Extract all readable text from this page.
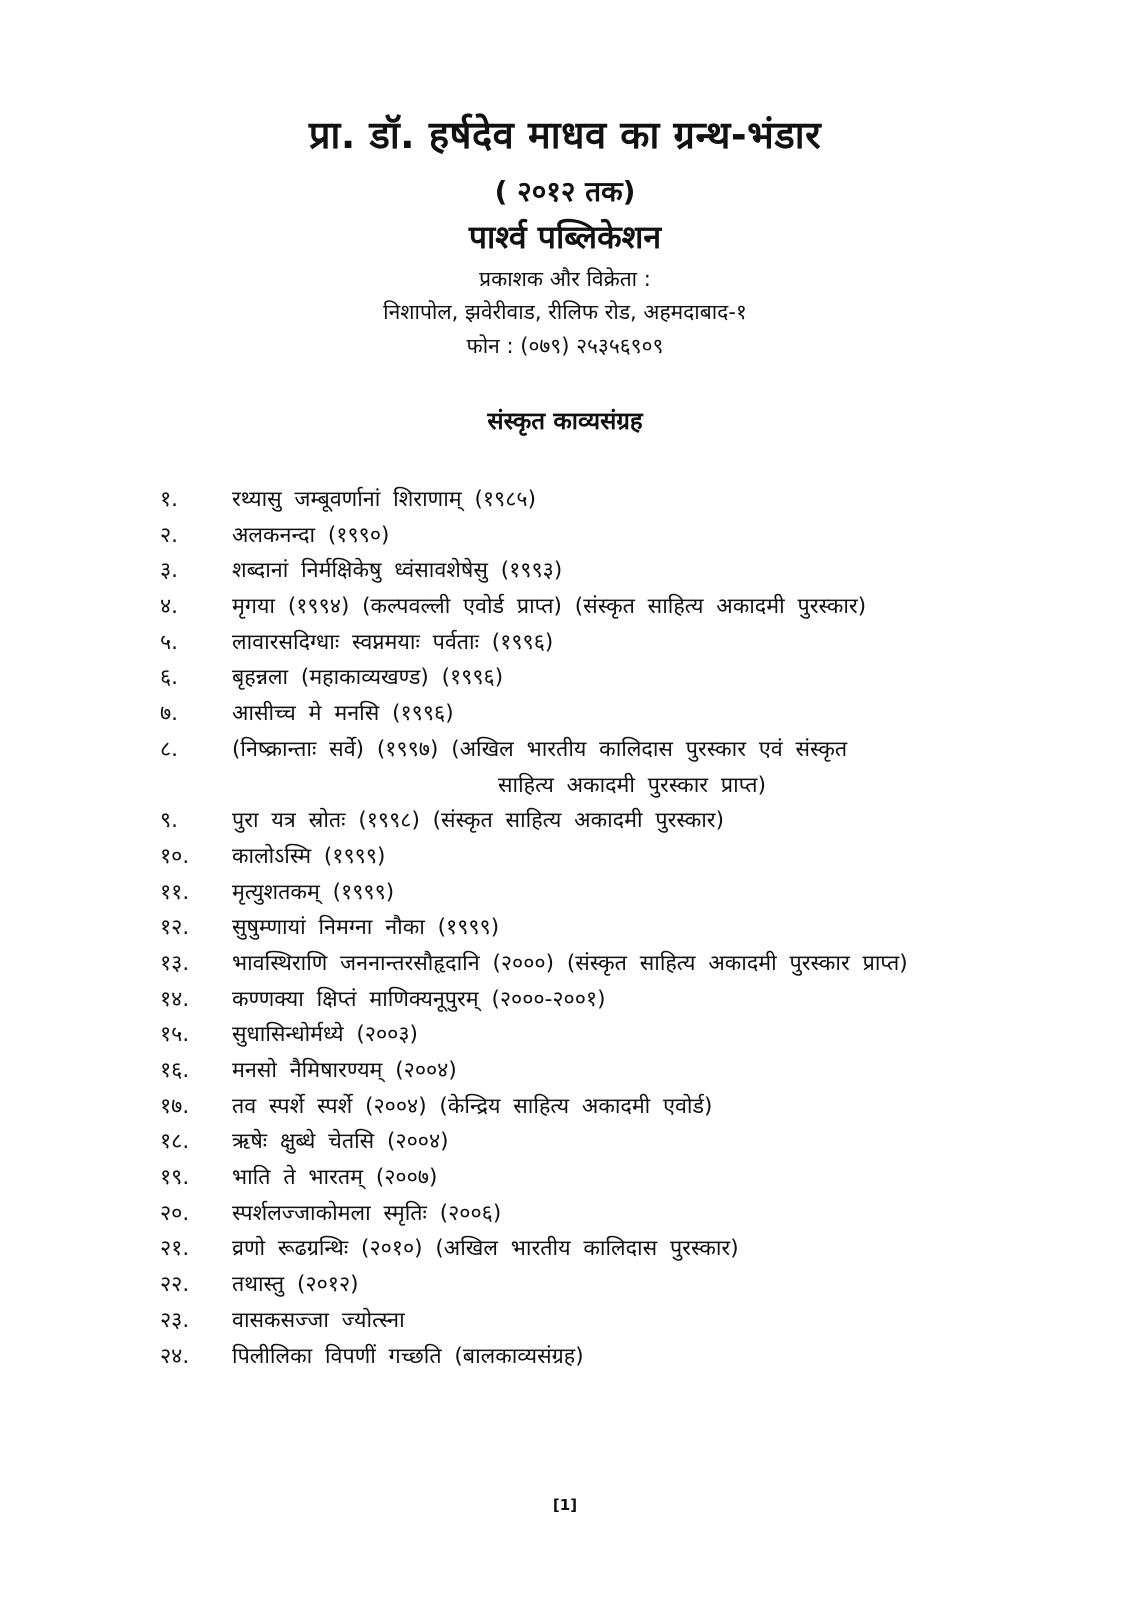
प्रा. डॉ. हर्षदेव माधव का ग्रन्थ-भंडार
( २०१२ तक)
पार्श्व पब्लिकेशन
प्रकाशक और विक्रेता :
निशापोल, झवेरीवाड, रीलिफ रोड, अहमदाबाद-१
फोन : (०७९) २५३५६९०९
संस्कृत काव्यसंग्रह
१.	रथ्यासु जम्बूवर्णानां शिराणाम् (१९८५)
२.	अलकनन्दा (१९९०)
३.	शब्दानां निर्मक्षिकेषु ध्वंसावशेषेसु (१९९३)
४.	मृगया (१९९४) (कल्पवल्ली एवोर्ड प्राप्त) (संस्कृत साहित्य अकादमी पुरस्कार)
५.	लावारसदिग्धाः स्वप्नमयाः पर्वताः (१९९६)
६.	बृहन्नला (महाकाव्यखण्ड) (१९९६)
७.	आसीच्च मे मनसि (१९९६)
८.	(निष्क्रान्ताः सर्वे) (१९९७) (अखिल भारतीय कालिदास पुरस्कार एवं संस्कृत
साहित्य अकादमी पुरस्कार प्राप्त)
९.	पुरा यत्र स्रोतः (१९९८) (संस्कृत साहित्य अकादमी पुरस्कार)
१०. कालोऽस्मि (१९९९)
११. मृत्युशतकम् (१९९९)
१२. सुषुम्णायां निमग्ना नौका (१९९९)
१३. भावस्थिराणि जननान्तरसौहृदानि (२०००) (संस्कृत साहित्य अकादमी पुरस्कार प्राप्त)
१४. कण्णक्या क्षिप्तं माणिक्यनूपुरम् (२०००-२००१)
१५. सुधासिन्धोर्मध्ये (२००३)
१६. मनसो नैमिषारण्यम् (२००४)
१७. तव स्पर्शे स्पर्शे (२००४) (केन्द्रिय साहित्य अकादमी एवोर्ड)
१८. ऋषेः क्षुब्धे चेतसि (२००४)
१९. भाति ते भारतम् (२००७)
२०. स्पर्शलज्जाकोमला स्मृतिः (२००६)
२१. व्रणो रूढग्रन्थिः (२०१०) (अखिल भारतीय कालिदास पुरस्कार)
२२. तथास्तु (२०१२)
२३. वासकसज्जा ज्योत्स्ना
२४. पिलीलिका विपणीं गच्छति (बालकाव्यसंग्रह)
[1]
